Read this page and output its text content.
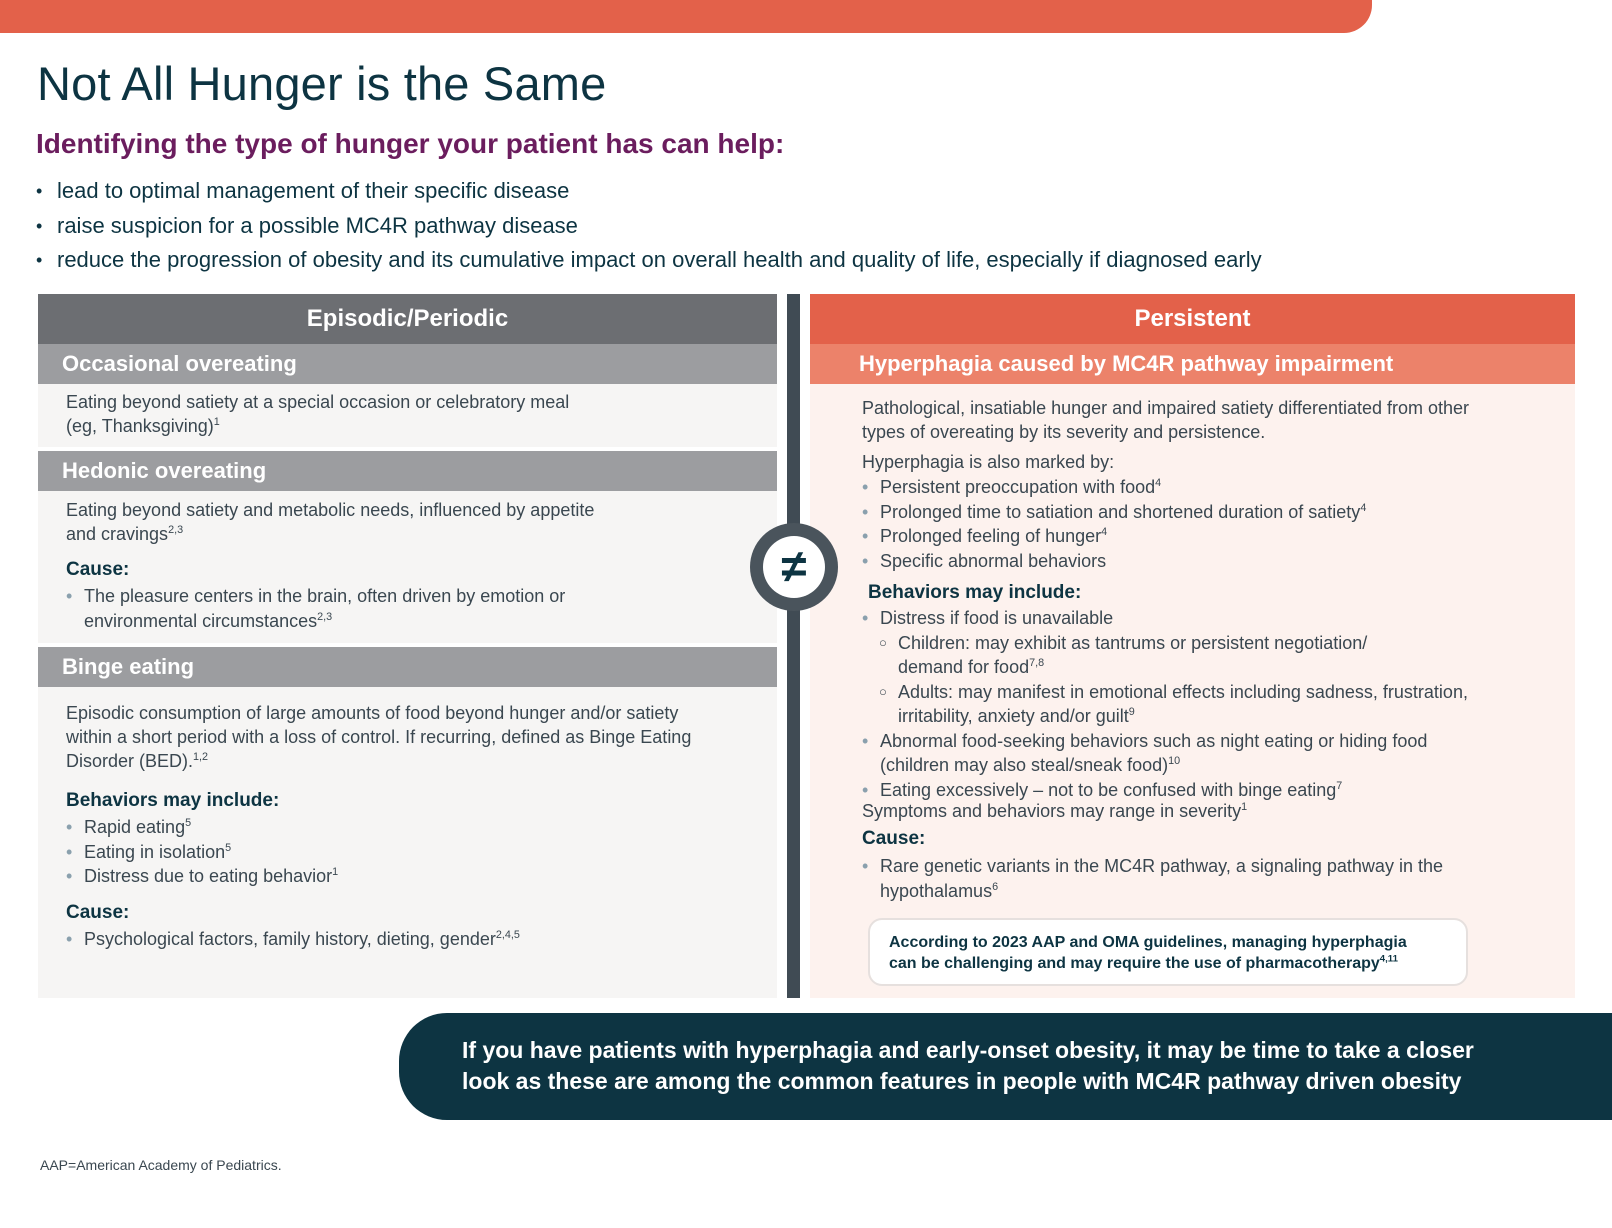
Not All Hunger is the Same
Identifying the type of hunger your patient has can help:
• lead to optimal management of their specific disease
• raise suspicion for a possible MC4R pathway disease
• reduce the progression of obesity and its cumulative impact on overall health and quality of life, especially if diagnosed early
Episodic/Periodic
Occasional overeating
Eating beyond satiety at a special occasion or celebratory meal
(eg, Thanksgiving)$^1$
Hedonic overeating
Eating beyond satiety and metabolic needs, influenced by appetite
and cravings$^{2,3}$
Cause:
• The pleasure centers in the brain, often driven by emotion or
environmental circumstances$^{2,3}$
Binge eating
Episodic consumption of large amounts of food beyond hunger and/or satiety
within a short period with a loss of control. If recurring, defined as Binge Eating
Disorder (BED).$^{1,2}$
Behaviors may include:
• Rapid eating$^5$
• Eating in isolation$^5$
• Distress due to eating behavior$^1$
Cause:
• Psychological factors, family history, dieting, gender$^{2,4,5}$
Persistent
Hyperphagia caused by MC4R pathway impairment
Pathological, insatiable hunger and impaired satiety differentiated from other
types of overeating by its severity and persistence.
Hyperphagia is also marked by:
• Persistent preoccupation with food$^4$
• Prolonged time to satiation and shortened duration of satiety$^4$
• Prolonged feeling of hunger$^4$
• Specific abnormal behaviors
Behaviors may include:
• Distress if food is unavailable
○ Children: may exhibit as tantrums or persistent negotiation/
demand for food$^{7,8}$
○ Adults: may manifest in emotional effects including sadness, frustration,
irritability, anxiety and/or guilt$^9$
• Abnormal food-seeking behaviors such as night eating or hiding food
(children may also steal/sneak food)$^{10}$
• Eating excessively – not to be confused with binge eating$^7$
Symptoms and behaviors may range in severity$^1$
Cause:
• Rare genetic variants in the MC4R pathway, a signaling pathway in the
hypothalamus$^6$
According to 2023 AAP and OMA guidelines, managing hyperphagia
can be challenging and may require the use of pharmacotherapy$^{4,11}$
≠
If you have patients with hyperphagia and early-onset obesity, it may be time to take a closer
look as these are among the common features in people with MC4R pathway driven obesity
AAP=American Academy of Pediatrics.
